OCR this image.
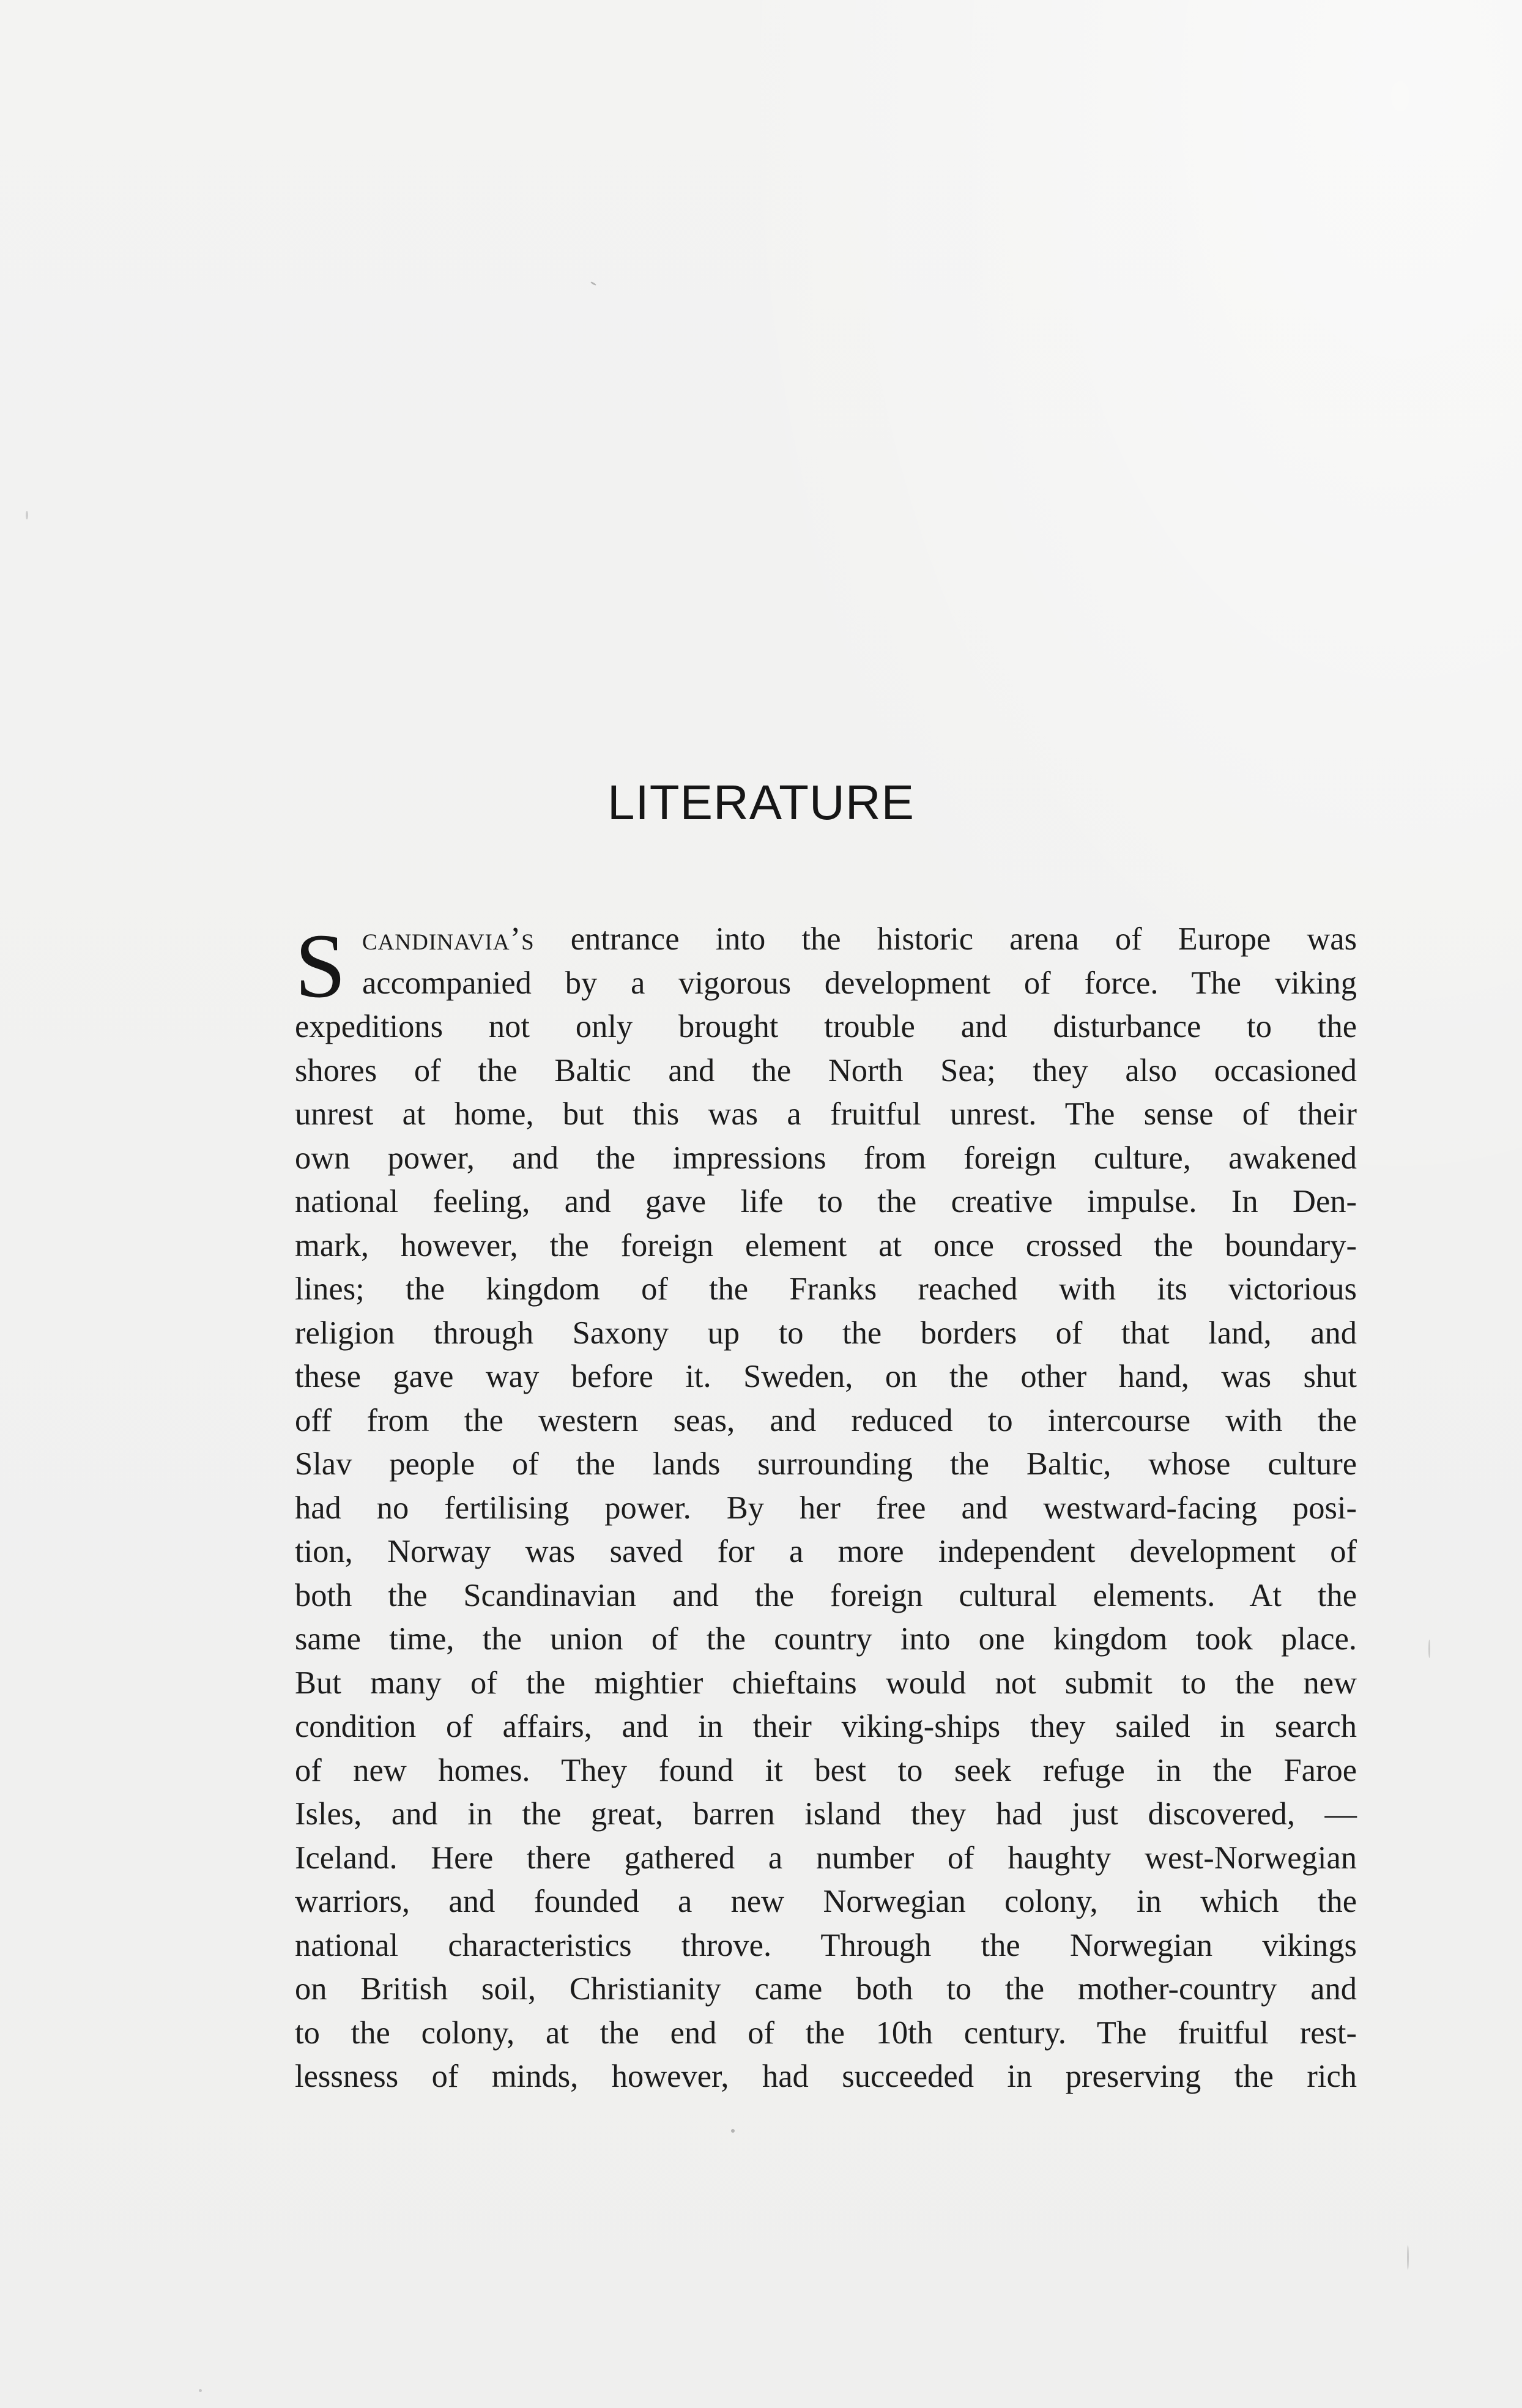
LITERATURE
S candinavia’s entrance into the historic arena of Europe was
accompanied by a vigorous development of force. The viking
expeditions not only brought trouble and disturbance to the
shores of the Baltic and the North Sea; they also occasioned
unrest at home, but this was a fruitful unrest. The sense of their
own power, and the impressions from foreign culture, awakened
national feeling, and gave life to the creative impulse. In Den-
mark, however, the foreign element at once crossed the boundary-
lines; the kingdom of the Franks reached with its victorious
religion through Saxony up to the borders of that land, and
these gave way before it. Sweden, on the other hand, was shut
off from the western seas, and reduced to intercourse with the
Slav people of the lands surrounding the Baltic, whose culture
had no fertilising power. By her free and westward-facing posi-
tion, Norway was saved for a more independent development of
both the Scandinavian and the foreign cultural elements. At the
same time, the union of the country into one kingdom took place.
But many of the mightier chieftains would not submit to the new
condition of affairs, and in their viking-ships they sailed in search
of new homes. They found it best to seek refuge in the Faroe
Isles, and in the great, barren island they had just discovered, —
Iceland. Here there gathered a number of haughty west-Norwegian
warriors, and founded a new Norwegian colony, in which the
national characteristics throve. Through the Norwegian vikings
on British soil, Christianity came both to the mother-country and
to the colony, at the end of the 10th century. The fruitful rest-
lessness of minds, however, had succeeded in preserving the rich
